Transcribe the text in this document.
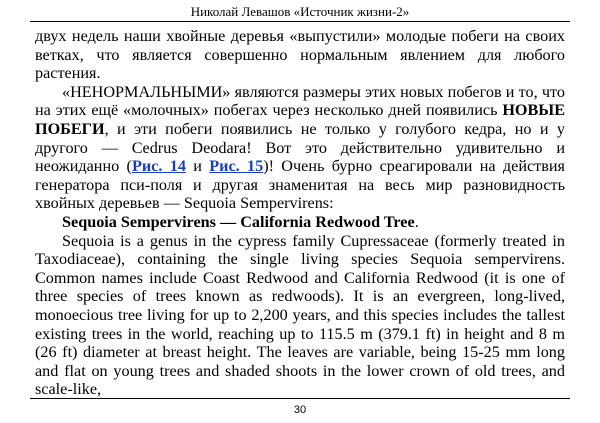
Николай Левашов «Источник жизни-2»

двух недель наши хвойные деревья «выпустили» молодые побеги на своих ветках, что является совершенно нормальным явлением для любого растения.

«НЕНОРМАЛЬНЫМИ» являются размеры этих новых побегов и то, что на этих ещё «молочных» побегах через несколько дней появились НОВЫЕ ПОБЕГИ, и эти побеги появились не только у голубого кедра, но и у другого — Cedrus Deodara! Вот это действительно удивительно и неожиданно (Рис. 14 и Рис. 15)! Очень бурно среагировали на действия генератора пси-поля и другая знаменитая на весь мир разновидность хвойных деревьев — Sequoia Sempervirens:

Sequoia Sempervirens — California Redwood Tree.

Sequoia is a genus in the cypress family Cupressaceae (formerly treated in Taxodiaceae), containing the single living species Sequoia sempervirens. Common names include Coast Redwood and California Redwood (it is one of three species of trees known as redwoods). It is an evergreen, long-lived, monoecious tree living for up to 2,200 years, and this species includes the tallest existing trees in the world, reaching up to 115.5 m (379.1 ft) in height and 8 m (26 ft) diameter at breast height. The leaves are variable, being 15-25 mm long and flat on young trees and shaded shoots in the lower crown of old trees, and scale-like,

30
